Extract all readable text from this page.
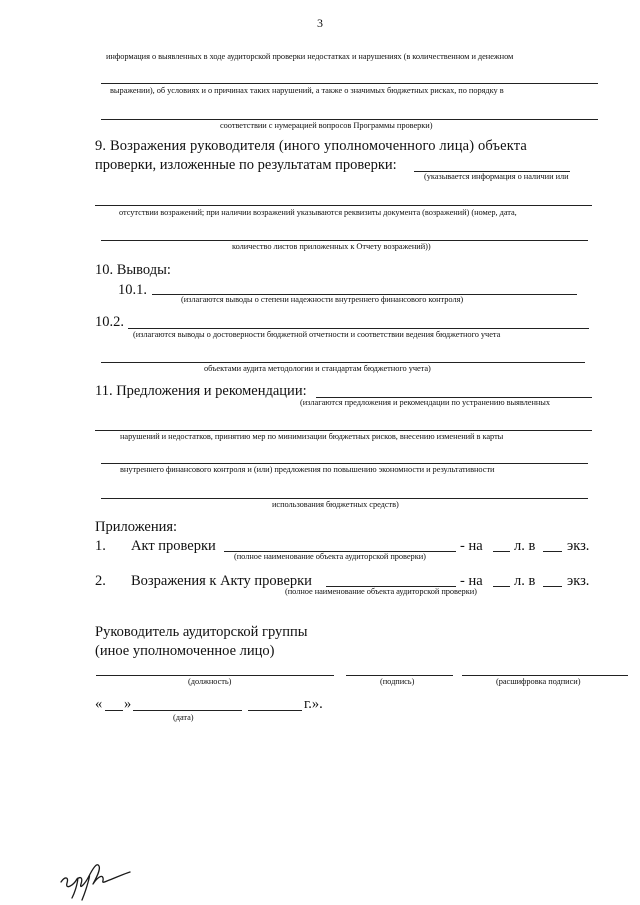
3
информация о выявленных в ходе аудиторской проверки недостатках и нарушениях (в количественном и денежном
выражении), об условиях и о причинах таких нарушений, а также о значимых бюджетных рисках, по порядку в
соответствии с нумерацией вопросов Программы проверки)
9. Возражения руководителя (иного уполномоченного лица) объекта
проверки, изложенные по результатам проверки:
(указывается информация о наличии или
отсутствии возражений; при наличии возражений указываются реквизиты документа (возражений) (номер, дата,
количество листов приложенных к Отчету возражений))
10. Выводы:
10.1.
(излагаются выводы о степени надежности внутреннего финансового контроля)
10.2.
(излагаются выводы о достоверности бюджетной отчетности и соответствии ведения бюджетного учета
объектами аудита методологии и стандартам бюджетного учета)
11. Предложения и рекомендации:
(излагаются предложения и рекомендации по устранению выявленных
нарушений и недостатков, принятию мер по минимизации бюджетных рисков, внесению изменений в карты
внутреннего финансового контроля и (или) предложения по повышению экономности и результативности
использования бюджетных средств)
Приложения:
1. Акт проверки
(полное наименование объекта аудиторской проверки)
- на л. в экз.
2. Возражения к Акту проверки
(полное наименование объекта аудиторской проверки)
- на л. в экз.
Руководитель аудиторской группы
(иное уполномоченное лицо)
(должность)	(подпись)	(расшифровка подписи)
« »	г.».
(дата)
